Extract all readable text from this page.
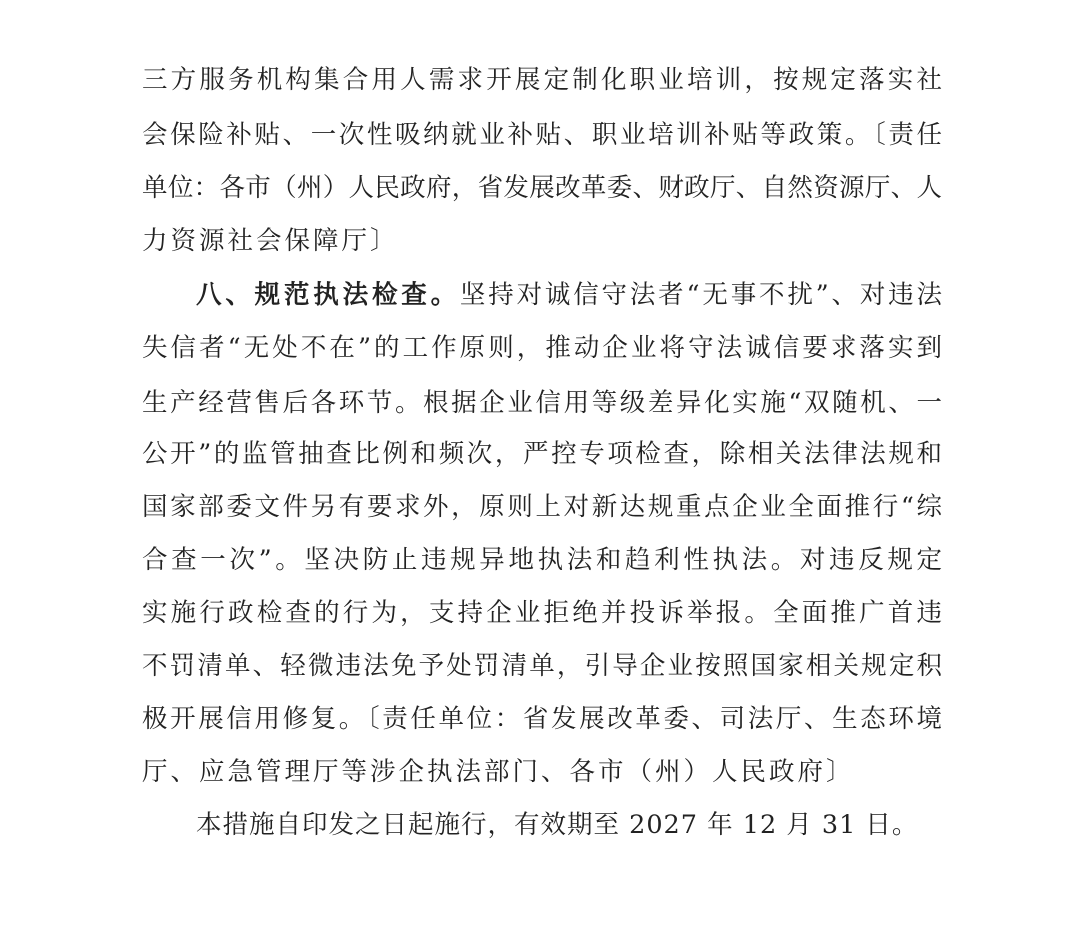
三方服务机构集合用人需求开展定制化职业培训，按规定落实社
会保险补贴、一次性吸纳就业补贴、职业培训补贴等政策。〔责任
单位：各市（州）人民政府，省发展改革委、财政厅、自然资源厅、人
力资源社会保障厅〕
八、规范执法检查。坚持对诚信守法者“无事不扰”、对违法
失信者“无处不在”的工作原则，推动企业将守法诚信要求落实到
生产经营售后各环节。根据企业信用等级差异化实施“双随机、一
公开”的监管抽查比例和频次，严控专项检查，除相关法律法规和
国家部委文件另有要求外，原则上对新达规重点企业全面推行“综
合查一次”。坚决防止违规异地执法和趋利性执法。对违反规定
实施行政检查的行为，支持企业拒绝并投诉举报。全面推广首违
不罚清单、轻微违法免予处罚清单，引导企业按照国家相关规定积
极开展信用修复。〔责任单位：省发展改革委、司法厅、生态环境
厅、应急管理厅等涉企执法部门、各市（州）人民政府〕
本措施自印发之日起施行，有效期至 2027 年 12 月 31 日。
